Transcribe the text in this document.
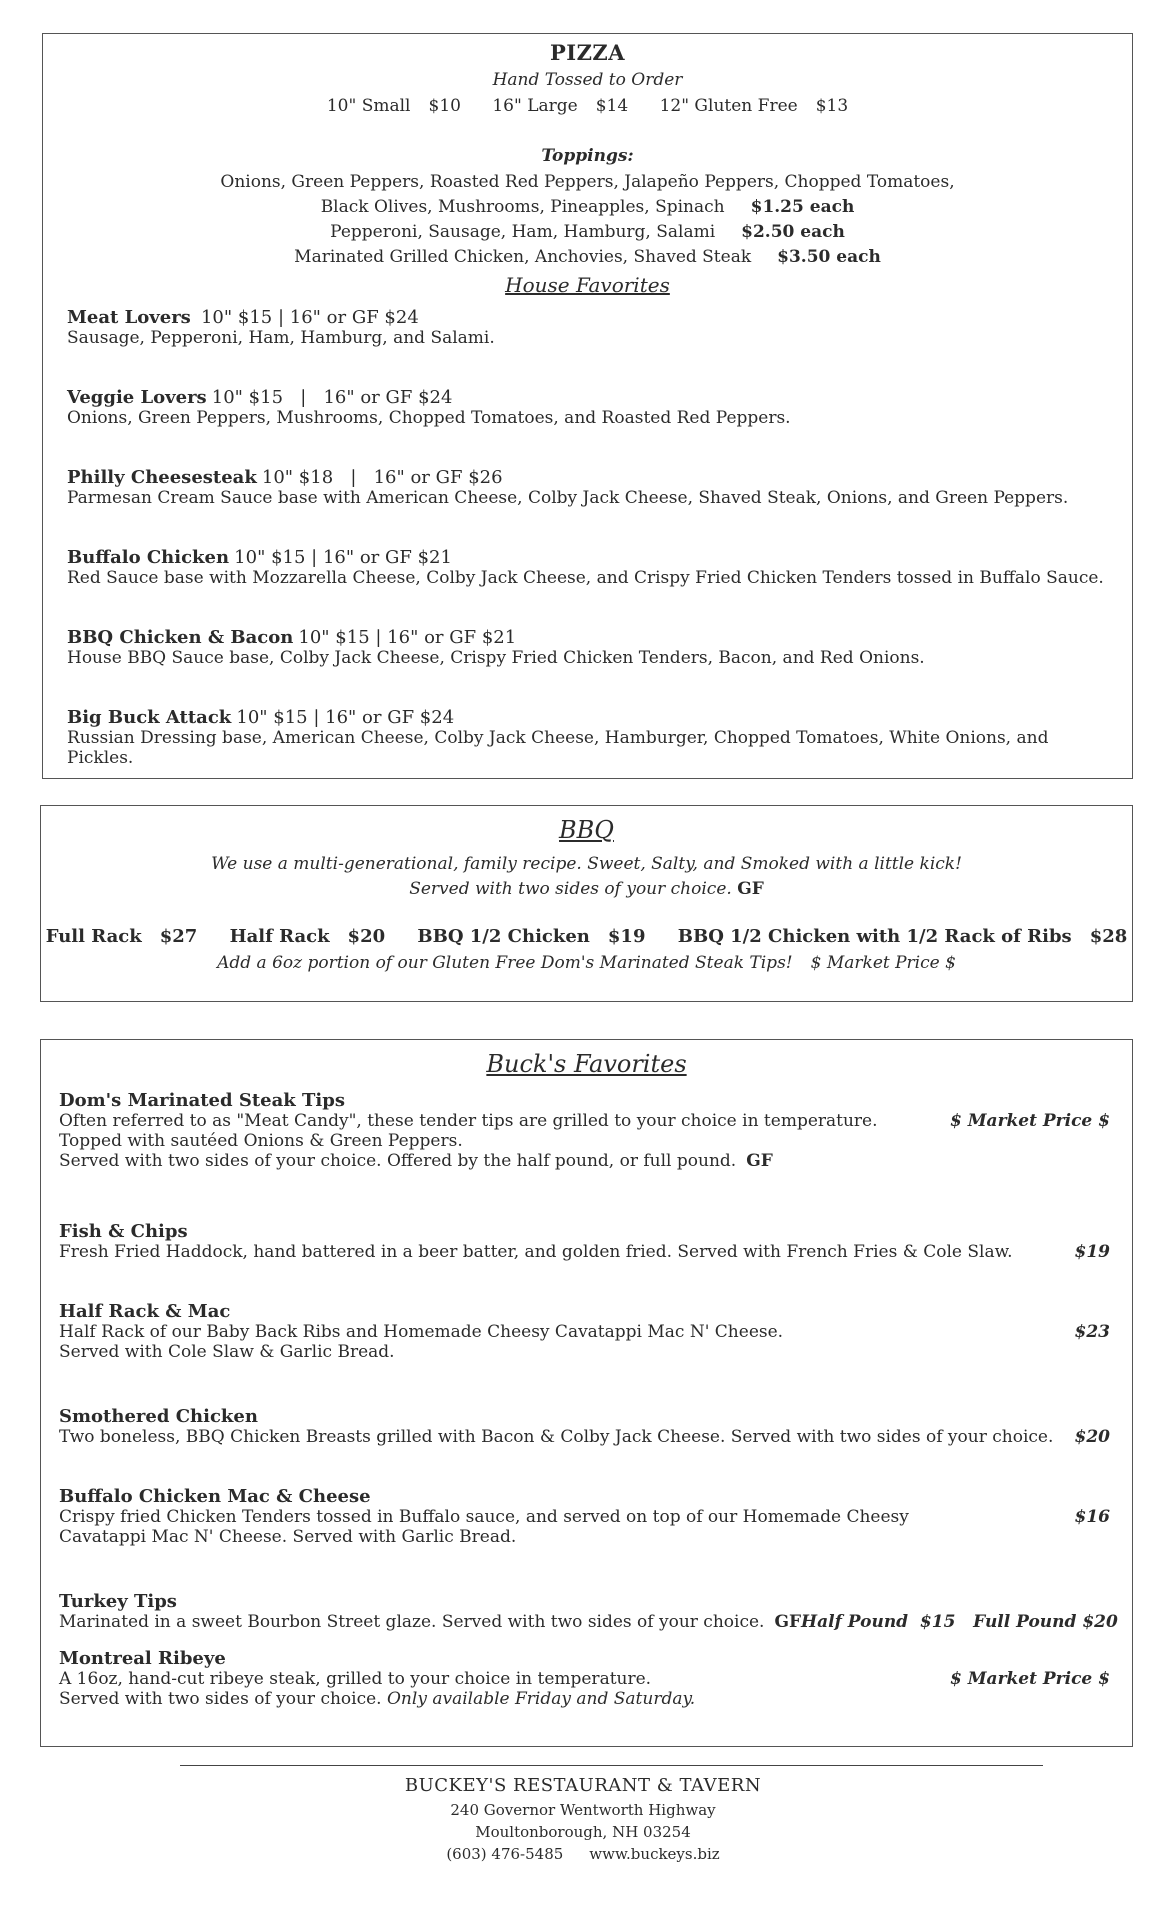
PIZZA
Hand Tossed to Order
10" Small $10 16" Large $14 12" Gluten Free $13
Toppings:
Onions, Green Peppers, Roasted Red Peppers, Jalapeño Peppers, Chopped Tomatoes,
Black Olives, Mushrooms, Pineapples, Spinach $1.25 each
Pepperoni, Sausage, Ham, Hamburg, Salami $2.50 each
Marinated Grilled Chicken, Anchovies, Shaved Steak $3.50 each
House Favorites
Meat Lovers 10" $15 | 16" or GF $24
Sausage, Pepperoni, Ham, Hamburg, and Salami.
Veggie Lovers 10" $15   |   16" or GF $24
Onions, Green Peppers, Mushrooms, Chopped Tomatoes, and Roasted Red Peppers.
Philly Cheesesteak 10" $18   |   16" or GF $26
Parmesan Cream Sauce base with American Cheese, Colby Jack Cheese, Shaved Steak, Onions, and Green Peppers.
Buffalo Chicken 10" $15 | 16" or GF $21
Red Sauce base with Mozzarella Cheese, Colby Jack Cheese, and Crispy Fried Chicken Tenders tossed in Buffalo Sauce.
BBQ Chicken & Bacon 10" $15 | 16" or GF $21
House BBQ Sauce base, Colby Jack Cheese, Crispy Fried Chicken Tenders, Bacon, and Red Onions.
Big Buck Attack 10" $15 | 16" or GF $24
Russian Dressing base, American Cheese, Colby Jack Cheese, Hamburger, Chopped Tomatoes, White Onions, and Pickles.
BBQ
We use a multi-generational, family recipe. Sweet, Salty, and Smoked with a little kick!
Served with two sides of your choice. GF
Full Rack $27 Half Rack $20 BBQ 1/2 Chicken $19 BBQ 1/2 Chicken with 1/2 Rack of Ribs $28
Add a 6oz portion of our Gluten Free Dom's Marinated Steak Tips! $ Market Price $
Buck's Favorites
Dom's Marinated Steak Tips
Often referred to as "Meat Candy", these tender tips are grilled to your choice in temperature.	$ Market Price $
Topped with sautéed Onions & Green Peppers.
Served with two sides of your choice. Offered by the half pound, or full pound. GF
Fish & Chips
Fresh Fried Haddock, hand battered in a beer batter, and golden fried. Served with French Fries & Cole Slaw.	$19
Half Rack & Mac
Half Rack of our Baby Back Ribs and Homemade Cheesy Cavatappi Mac N' Cheese.	$23
Served with Cole Slaw & Garlic Bread.
Smothered Chicken
Two boneless, BBQ Chicken Breasts grilled with Bacon & Colby Jack Cheese. Served with two sides of your choice. $20
Buffalo Chicken Mac & Cheese
Crispy fried Chicken Tenders tossed in Buffalo sauce, and served on top of our Homemade Cheesy	$16
Cavatappi Mac N' Cheese. Served with Garlic Bread.
Turkey Tips
Marinated in a sweet Bourbon Street glaze. Served with two sides of your choice. GF Half Pound  $15 Full Pound $20
Montreal Ribeye
A 16oz, hand-cut ribeye steak, grilled to your choice in temperature.	$ Market Price $
Served with two sides of your choice. Only available Friday and Saturday.
BUCKEY'S RESTAURANT & TAVERN
240 Governor Wentworth Highway
Moultonborough, NH 03254
(603) 476-5485 www.buckeys.biz
